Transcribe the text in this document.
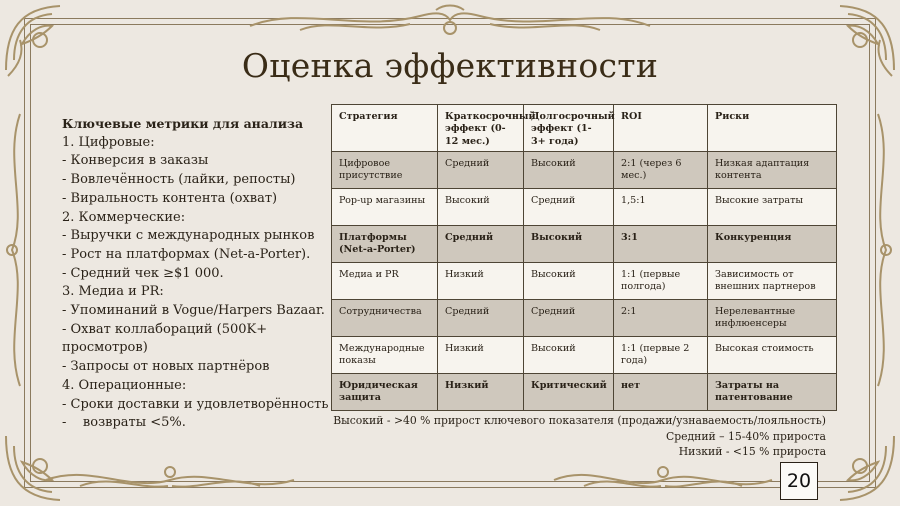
Оценка эффективности
Ключевые метрики для анализа
1. Цифровые:
- Конверсия в заказы
- Вовлечённость (лайки, репосты)
- Виральность контента (охват)
2. Коммерческие:
- Выручки с международных рынков
- Рост на платформах (Net-a-Porter).
- Средний чек ≥$1 000.
3. Медиа и PR:
- Упоминаний в Vogue/Harpers Bazaar.
- Охват коллабораций (500K+ просмотров)
- Запросы от новых партнёров
4. Операционные:
- Сроки доставки и удовлетворённость
-    возвраты <5%.
Стратегия	Краткосрочный эффект (0-12 мес.)	Долгосрочный эффект (1-3+ года)	ROI	Риски
Цифровое присутствие	Средний	Высокий	2:1 (через 6 мес.)	Низкая адаптация контента
Pop-up магазины	Высокий	Средний	1,5:1	Высокие затраты
Платформы (Net-a-Porter)	Средний	Высокий	3:1	Конкуренция
Медиа и PR	Низкий	Высокий	1:1 (первые полгода)	Зависимость от внешних партнеров
Сотрудничества	Средний	Средний	2:1	Нерелевантные инфлюенсеры
Международные показы	Низкий	Высокий	1:1 (первые 2 года)	Высокая стоимость
Юридическая защита	Низкий	Критический	нет	Затраты на патентование
Высокий - >40 % прирост ключевого показателя (продажи/узнаваемость/лояльность)
Средний – 15-40% прироста
Низкий - <15 % прироста
20
